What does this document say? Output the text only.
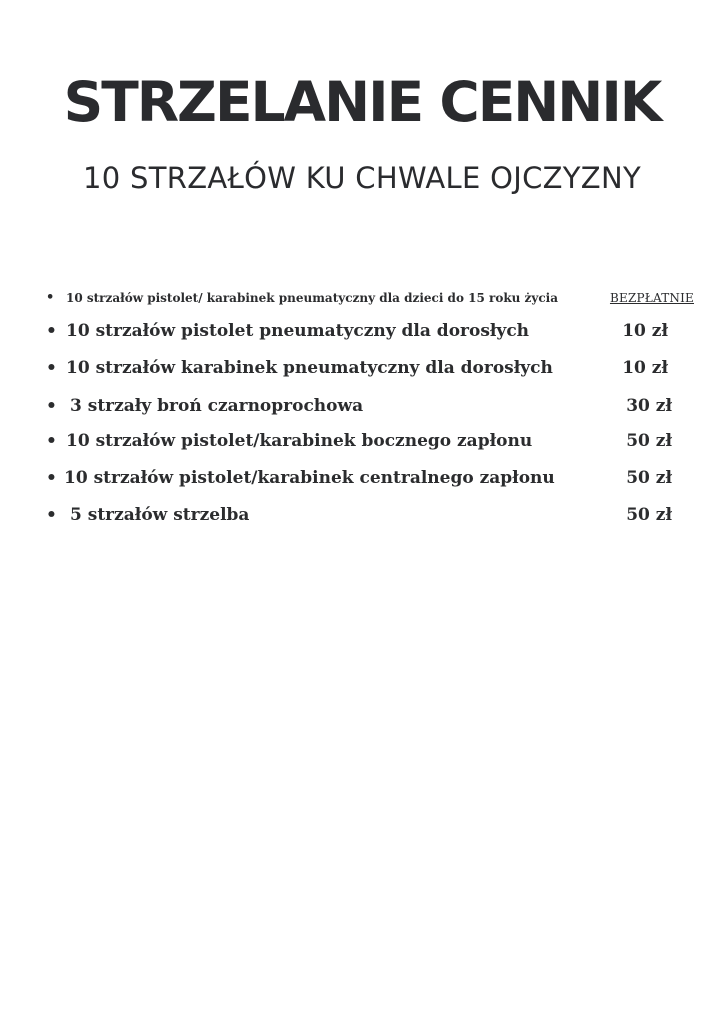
STRZELANIE CENNIK
10 STRZAŁÓW KU CHWALE OJCZYZNY
• 10 strzałów pistolet/ karabinek pneumatyczny dla dzieci do 15 roku życia	BEZPŁATNIE
• 10 strzałów pistolet pneumatyczny dla dorosłych	10 zł
• 10 strzałów karabinek pneumatyczny dla dorosłych	10 zł
• 3 strzały broń czarnoprochowa	30 zł
• 10 strzałów pistolet/karabinek bocznego zapłonu	50 zł
• 10 strzałów pistolet/karabinek centralnego zapłonu	50 zł
• 5 strzałów strzelba	50 zł
